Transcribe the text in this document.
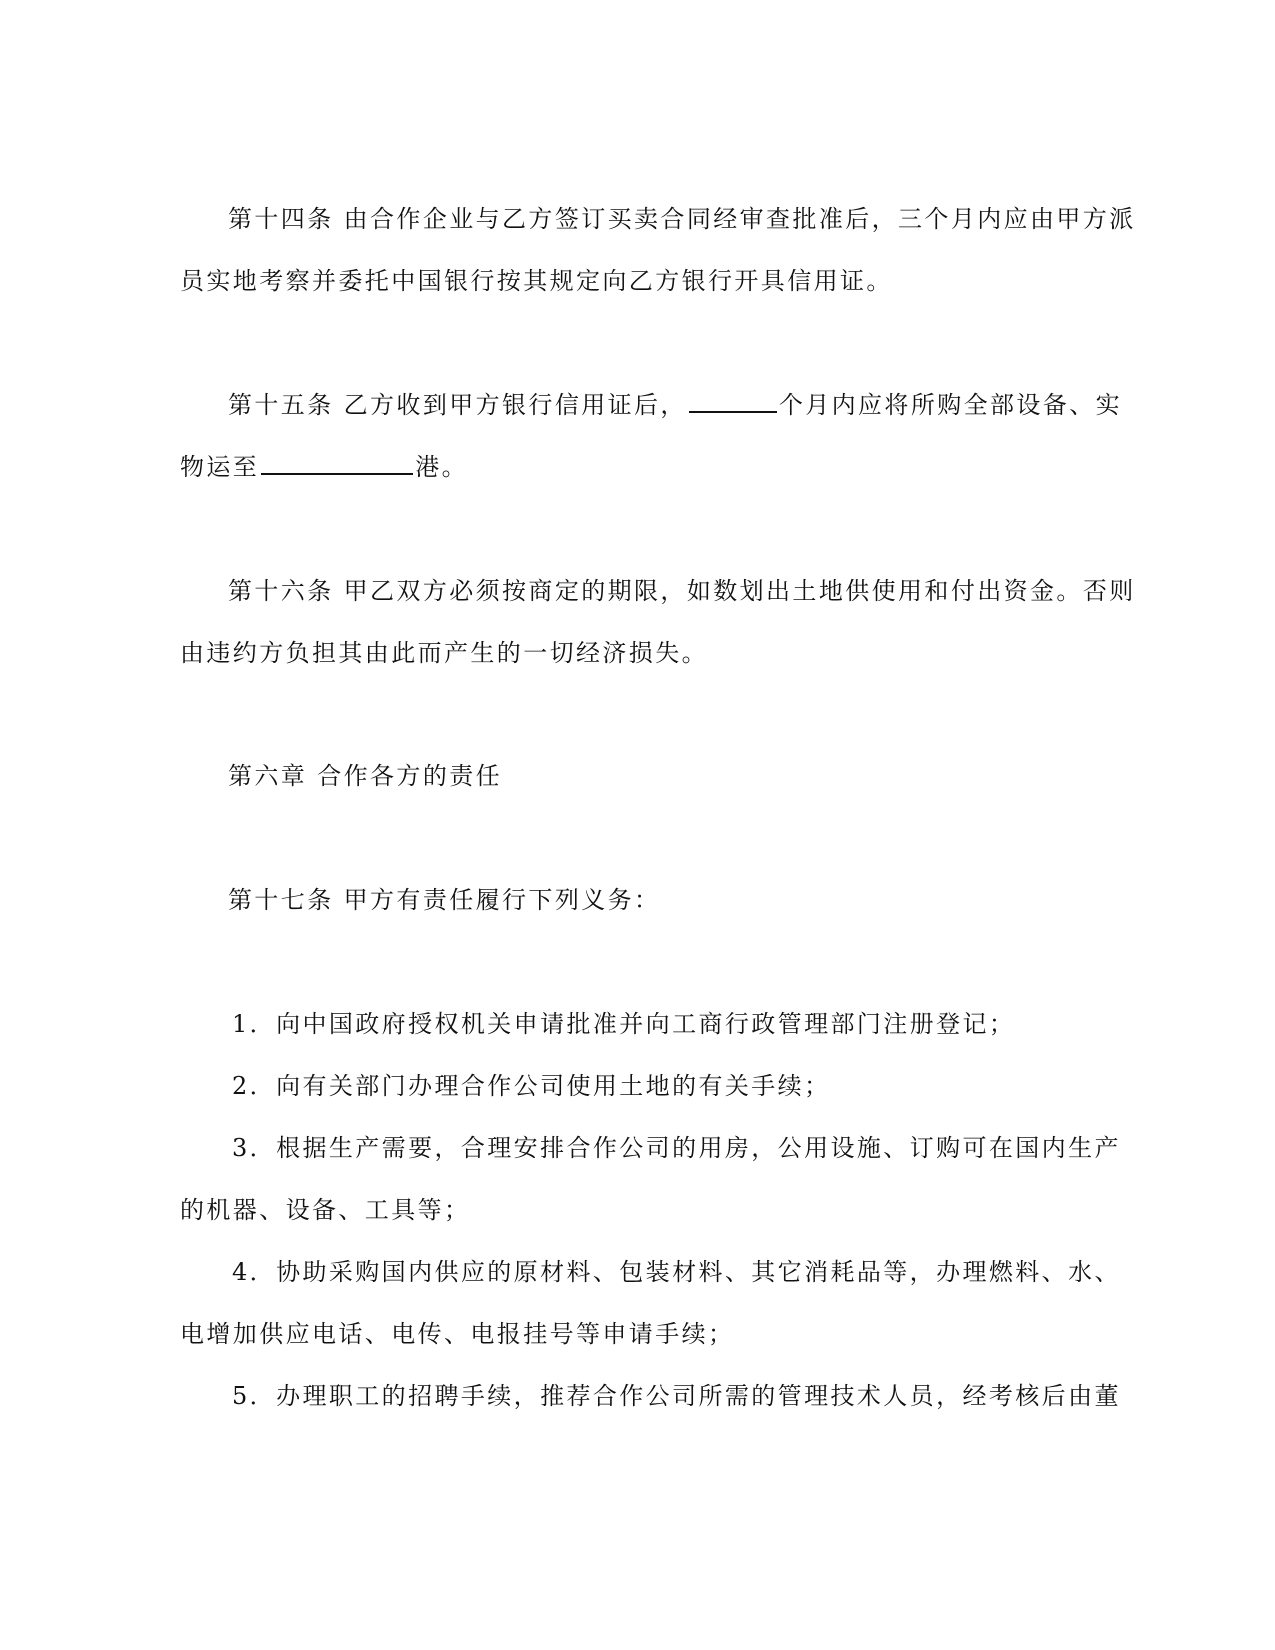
第十四条 由合作企业与乙方签订买卖合同经审查批准后，三个月内应由甲方派
员实地考察并委托中国银行按其规定向乙方银行开具信用证。
第十五条 乙方收到甲方银行信用证后，	个月内应将所购全部设备、实
物运至	港。
第十六条 甲乙双方必须按商定的期限，如数划出土地供使用和付出资金。否则
由违约方负担其由此而产生的一切经济损失。
第六章 合作各方的责任
第十七条 甲方有责任履行下列义务：
1．向中国政府授权机关申请批准并向工商行政管理部门注册登记；
2．向有关部门办理合作公司使用土地的有关手续；
3．根据生产需要，合理安排合作公司的用房，公用设施、订购可在国内生产
的机器、设备、工具等；
4．协助采购国内供应的原材料、包装材料、其它消耗品等，办理燃料、水、
电增加供应电话、电传、电报挂号等申请手续；
5．办理职工的招聘手续，推荐合作公司所需的管理技术人员，经考核后由董
